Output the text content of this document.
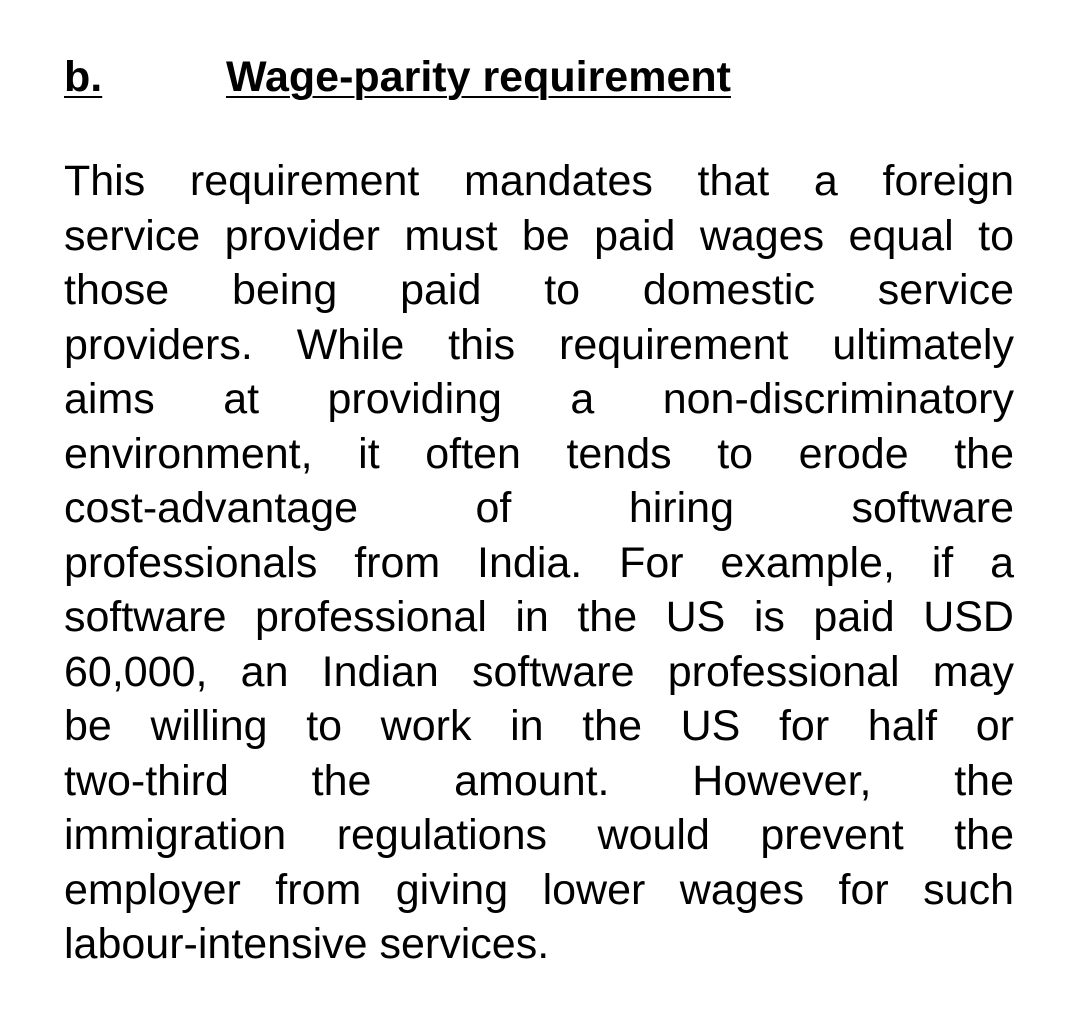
b.	Wage-parity requirement

This requirement mandates that a foreign
service provider must be paid wages equal to
those being paid to domestic service
providers. While this requirement ultimately
aims at providing a non-discriminatory
environment, it often tends to erode the
cost-advantage of hiring software
professionals from India. For example, if a
software professional in the US is paid USD
60,000, an Indian software professional may
be willing to work in the US for half or
two-third the amount. However, the
immigration regulations would prevent the
employer from giving lower wages for such
labour-intensive services.
